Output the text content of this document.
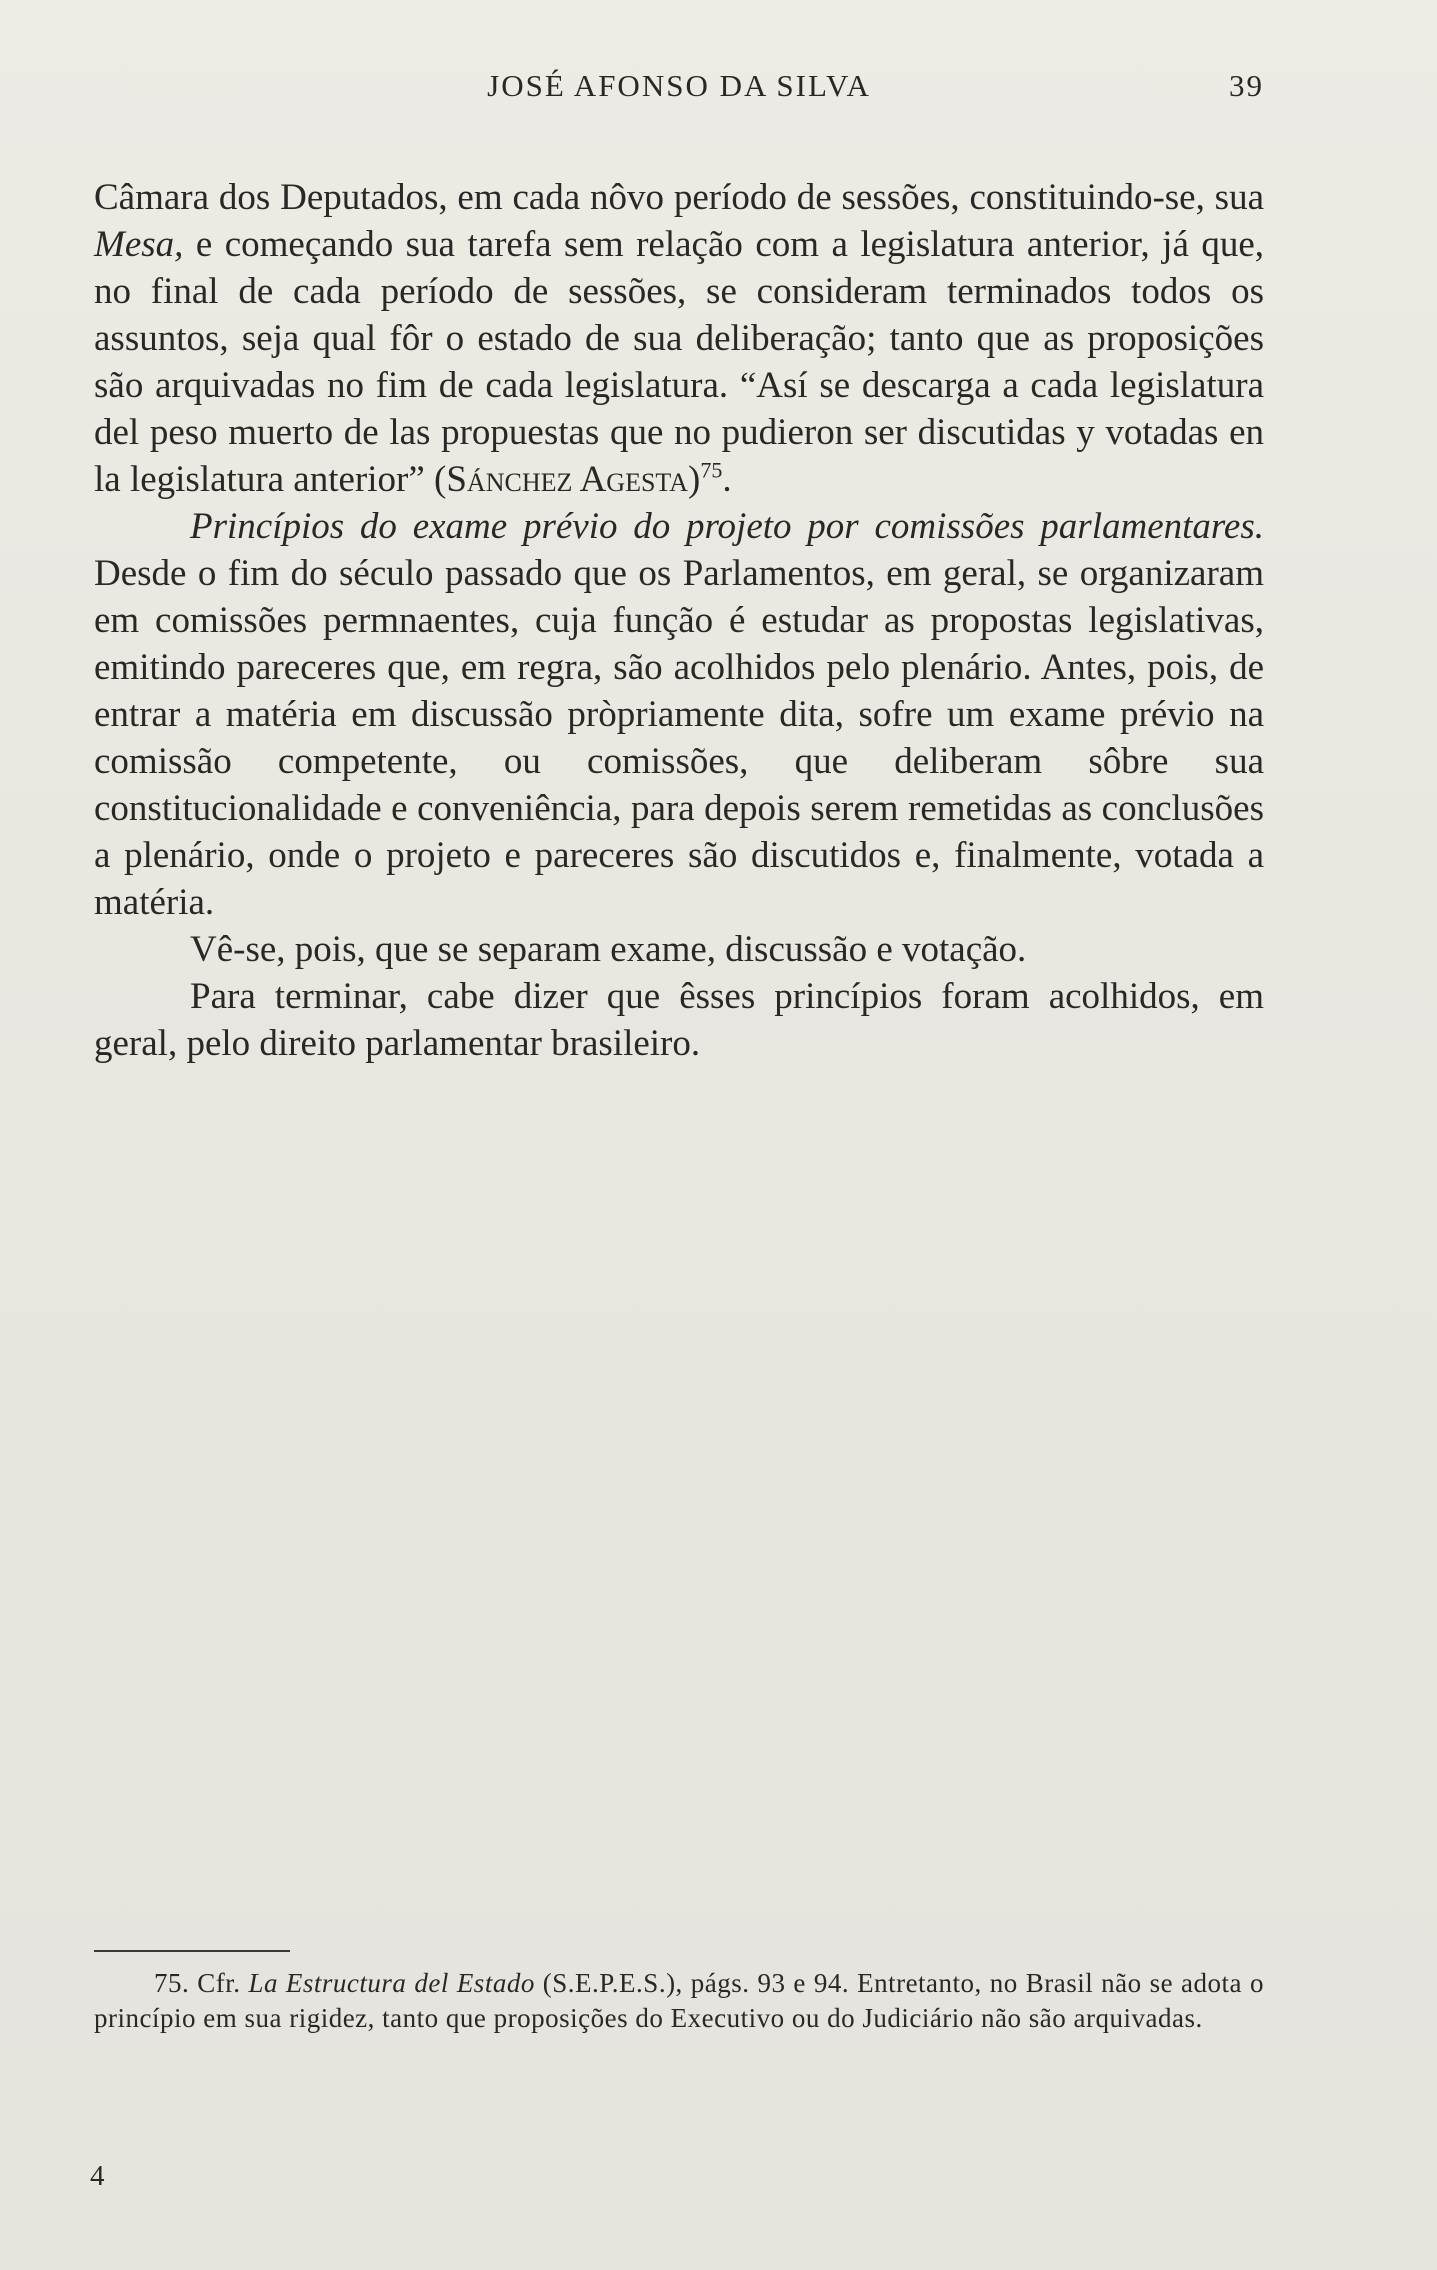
JOSÉ AFONSO DA SILVA	39

Câmara dos Deputados, em cada nôvo período de sessões, constituindo-se, sua Mesa, e começando sua tarefa sem relação com a legislatura anterior, já que, no final de cada período de sessões, se consideram terminados todos os assuntos, seja qual fôr o estado de sua deliberação; tanto que as proposições são arquivadas no fim de cada legislatura. “Así se descarga a cada legislatura del peso muerto de las propuestas que no pudieron ser discutidas y votadas en la legislatura anterior” (Sánchez Agesta)$^{75}$.

Princípios do exame prévio do projeto por comissões parlamentares. Desde o fim do século passado que os Parlamentos, em geral, se organizaram em comissões permnaentes, cuja função é estudar as propostas legislativas, emitindo pareceres que, em regra, são acolhidos pelo plenário. Antes, pois, de entrar a matéria em discussão pròpriamente dita, sofre um exame prévio na comissão competente, ou comissões, que deliberam sôbre sua constitucionalidade e conveniência, para depois serem remetidas as conclusões a plenário, onde o projeto e pareceres são discutidos e, finalmente, votada a matéria.

Vê-se, pois, que se separam exame, discussão e votação.

Para terminar, cabe dizer que êsses princípios foram acolhidos, em geral, pelo direito parlamentar brasileiro.

75. Cfr. La Estructura del Estado (S.E.P.E.S.), págs. 93 e 94. Entretanto, no Brasil não se adota o princípio em sua rigidez, tanto que proposições do Executivo ou do Judiciário não são arquivadas.

4
